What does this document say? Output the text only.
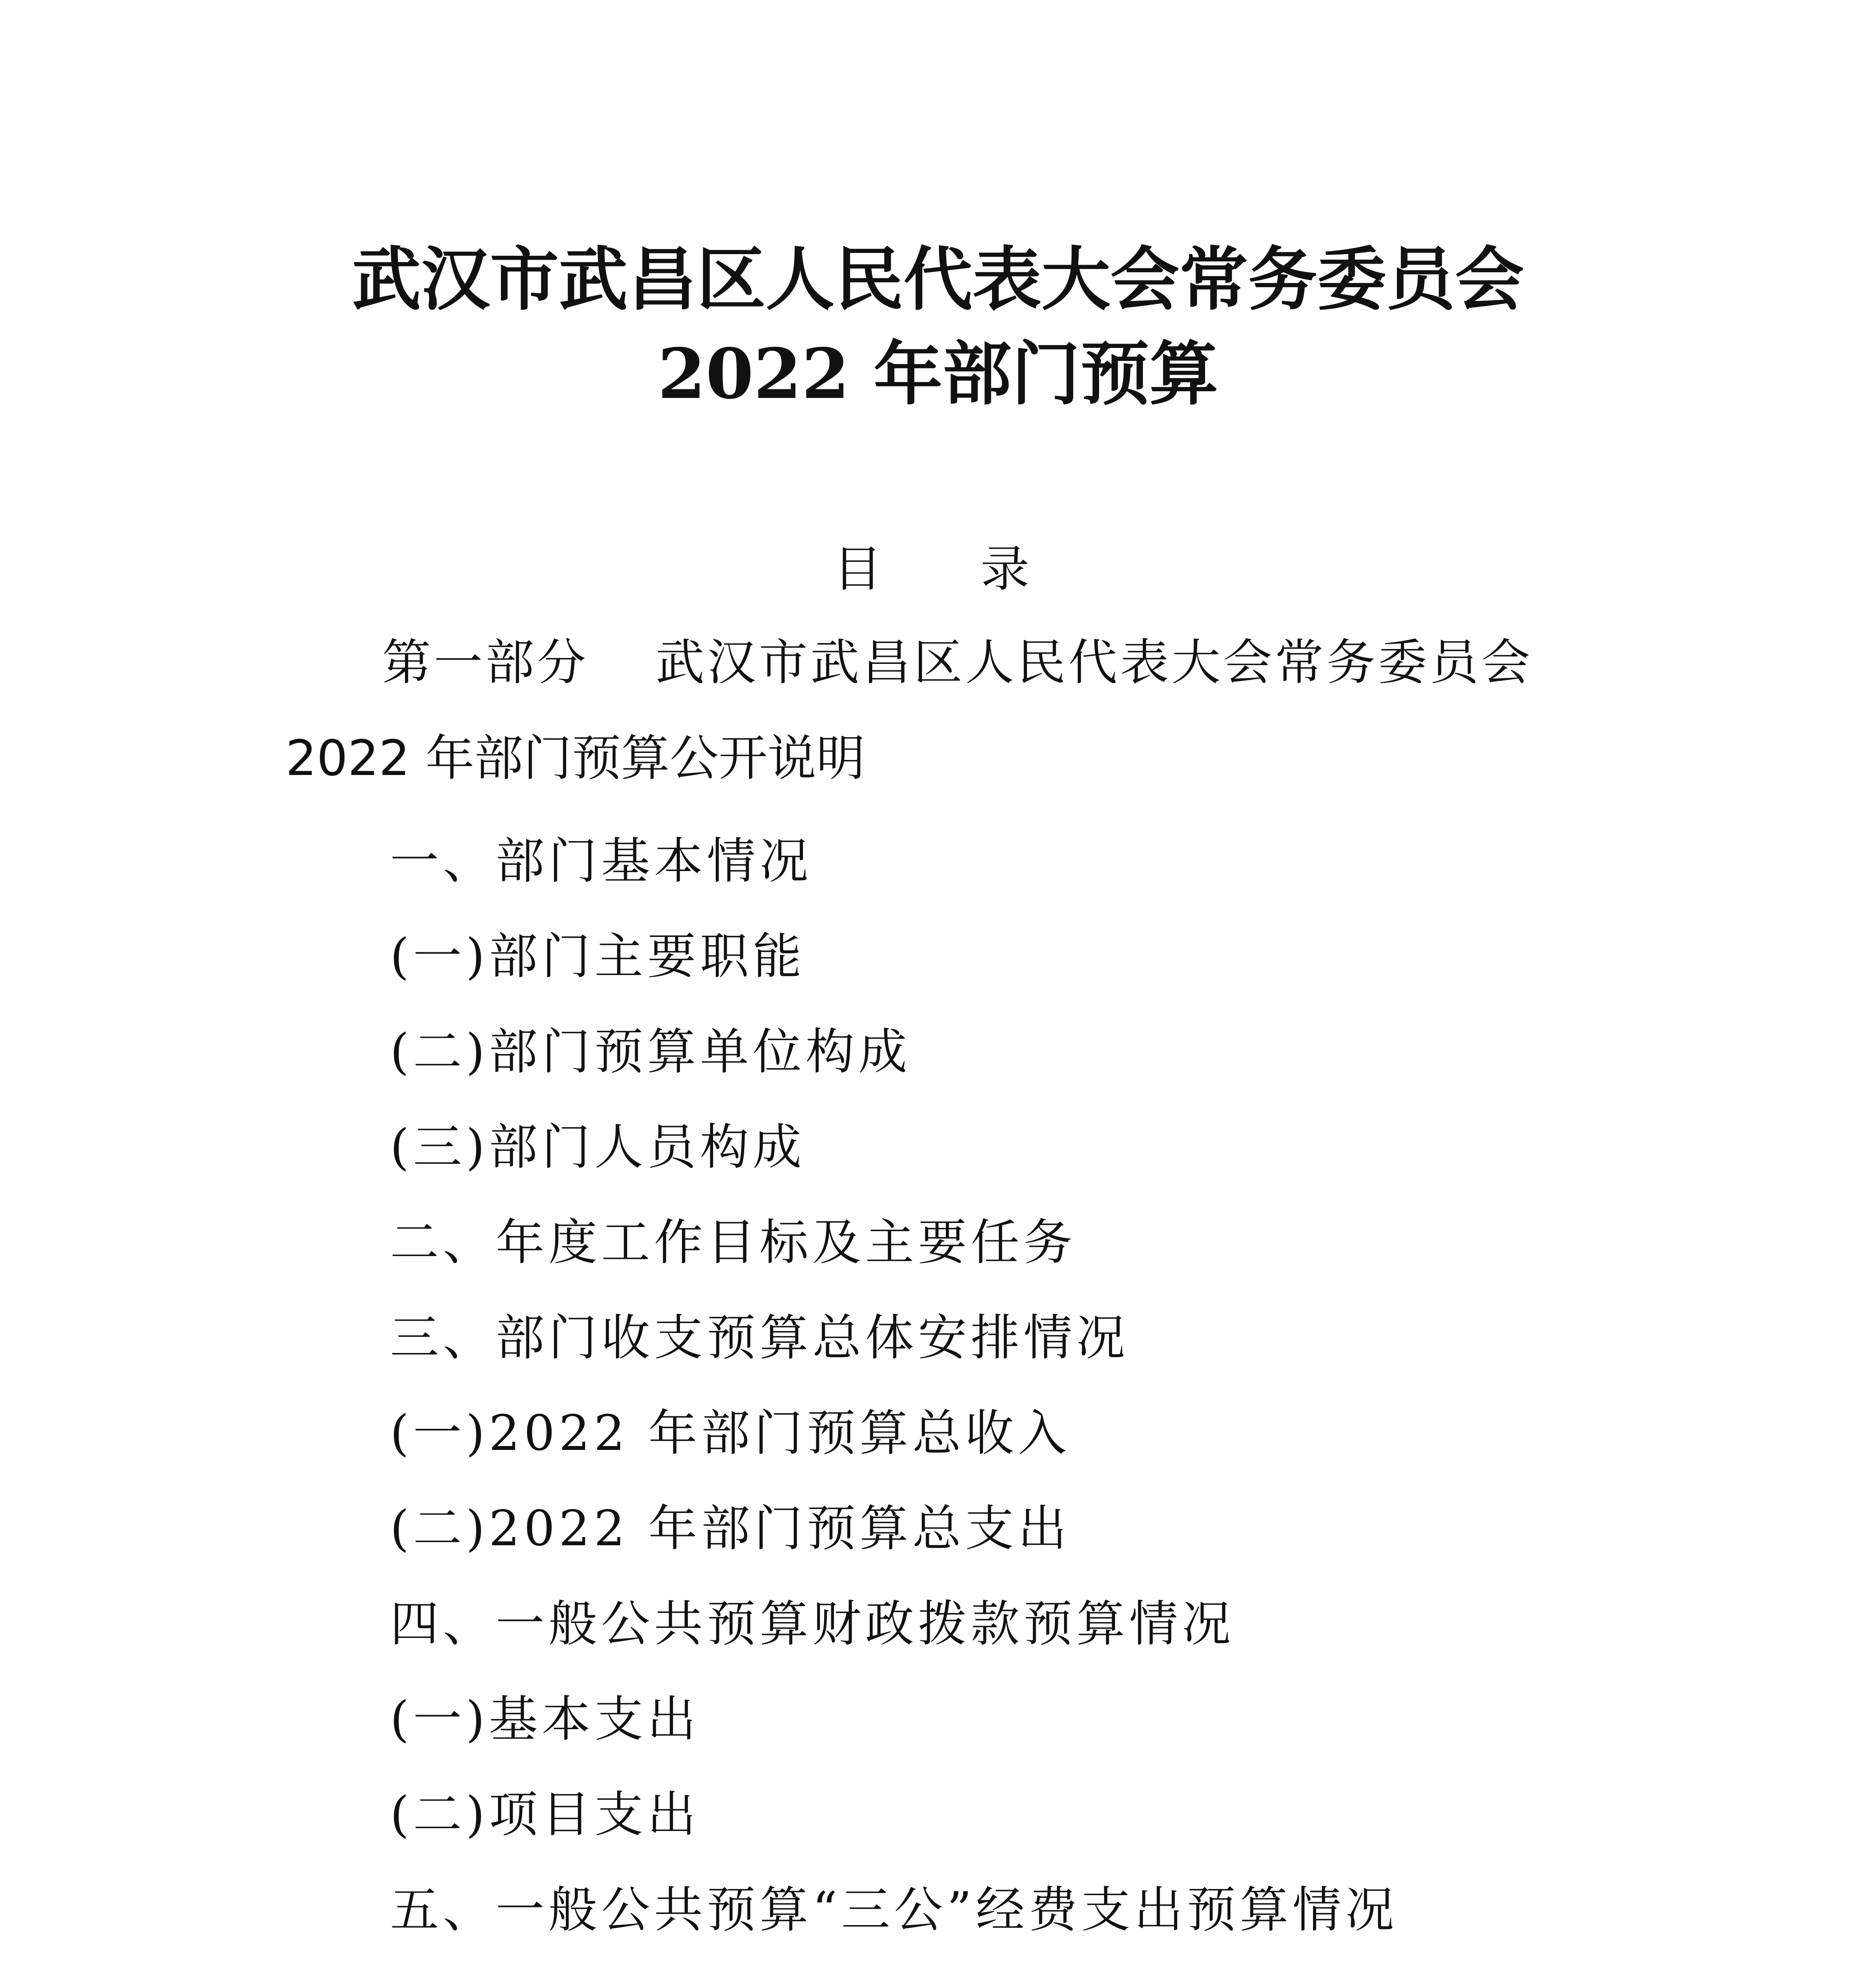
武汉市武昌区人民代表大会常务委员会
2022 年部门预算
目录
第一部分 武汉市武昌区人民代表大会常务委员会
2022 年部门预算公开说明
一、部门基本情况
(一)部门主要职能
(二)部门预算单位构成
(三)部门人员构成
二、年度工作目标及主要任务
三、部门收支预算总体安排情况
(一)2022 年部门预算总收入
(二)2022 年部门预算总支出
四、一般公共预算财政拨款预算情况
(一)基本支出
(二)项目支出
五、一般公共预算“三公”经费支出预算情况
